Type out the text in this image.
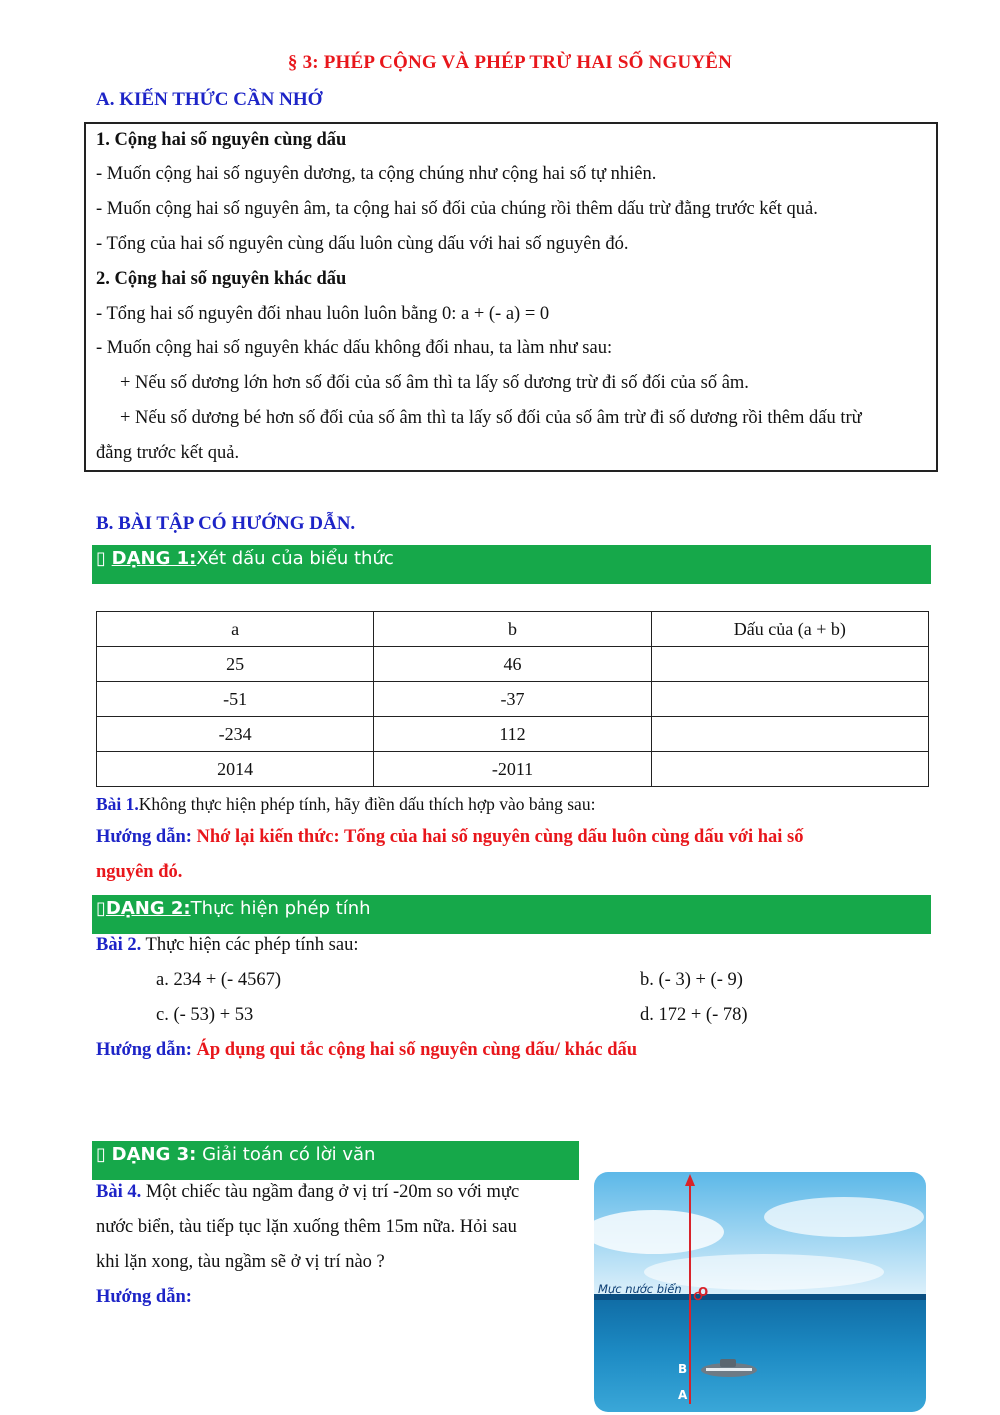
§ 3: PHÉP CỘNG VÀ PHÉP TRỪ HAI SỐ NGUYÊN
A. KIẾN THỨC CẦN NHỚ
1. Cộng hai số nguyên cùng dấu
- Muốn cộng hai số nguyên dương, ta cộng chúng như cộng hai số tự nhiên.
- Muốn cộng hai số nguyên âm, ta cộng hai số đối của chúng rồi thêm dấu trừ đằng trước kết quả.
- Tổng của hai số nguyên cùng dấu luôn cùng dấu với hai số nguyên đó.
2. Cộng hai số nguyên khác dấu
- Tổng hai số nguyên đối nhau luôn luôn bằng 0: a + (- a) = 0
- Muốn cộng hai số nguyên khác dấu không đối nhau, ta làm như sau:
+ Nếu số dương lớn hơn số đối của số âm thì ta lấy số dương trừ đi số đối của số âm.
+ Nếu số dương bé hơn số đối của số âm thì ta lấy số đối của số âm trừ đi số dương rồi thêm dấu trừ
đằng trước kết quả.
B. BÀI TẬP CÓ HƯỚNG DẪN.
▯ DẠNG 1:Xét dấu của biểu thức
a	b	Dấu của (a + b)
25	46	
-51	-37	
-234	112	
2014	-2011	
Bài 1.Không thực hiện phép tính, hãy điền dấu thích hợp vào bảng sau:
Hướng dẫn: Nhớ lại kiến thức: Tổng của hai số nguyên cùng dấu luôn cùng dấu với hai số
nguyên đó.
▯DẠNG 2:Thực hiện phép tính
Bài 2. Thực hiện các phép tính sau:
a. 234 + (- 4567)	b. (- 3) + (- 9)
c. (- 53) + 53	d. 172 + (- 78)
Hướng dẫn: Áp dụng qui tắc cộng hai số nguyên cùng dấu/ khác dấu
▯ DẠNG 3: Giải toán có lời văn
Bài 4. Một chiếc tàu ngầm đang ở vị trí -20m so với mực
nước biển, tàu tiếp tục lặn xuống thêm 15m nữa. Hỏi sau
khi lặn xong, tàu ngầm sẽ ở vị trí nào ?
Hướng dẫn:	Mực nước biển O
B
A
